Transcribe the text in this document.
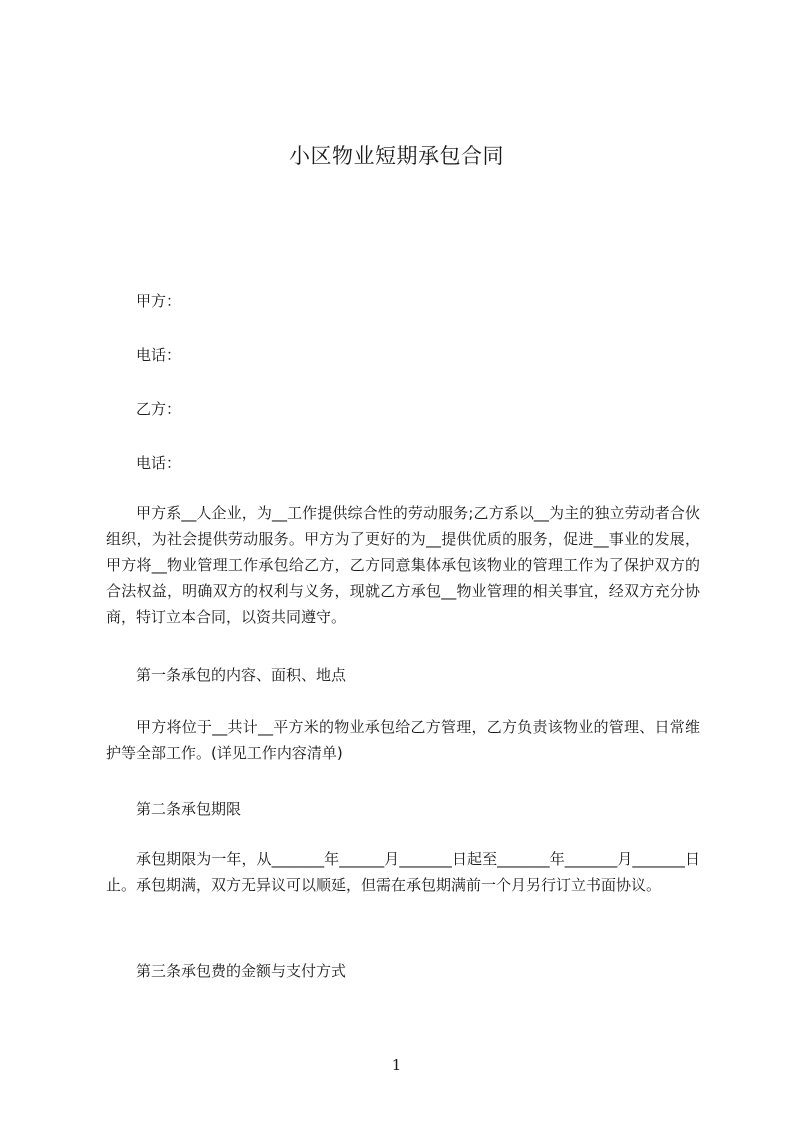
小区物业短期承包合同

甲方：

电话：

乙方：

电话：

甲方系__人企业，为__工作提供综合性的劳动服务;乙方系以__为主的独立劳动者合伙组织，为社会提供劳动服务。甲方为了更好的为__提供优质的服务，促进__事业的发展，甲方将__物业管理工作承包给乙方，乙方同意集体承包该物业的管理工作为了保护双方的合法权益，明确双方的权利与义务，现就乙方承包__物业管理的相关事宜，经双方充分协商，特订立本合同，以资共同遵守。

第一条承包的内容、面积、地点

甲方将位于__共计__平方米的物业承包给乙方管理，乙方负责该物业的管理、日常维护等全部工作。(详见工作内容清单)

第二条承包期限

承包期限为一年，从_______年______月_______日起至_______年_______月_______日止。承包期满，双方无异议可以顺延，但需在承包期满前一个月另行订立书面协议。

第三条承包费的金额与支付方式

1
